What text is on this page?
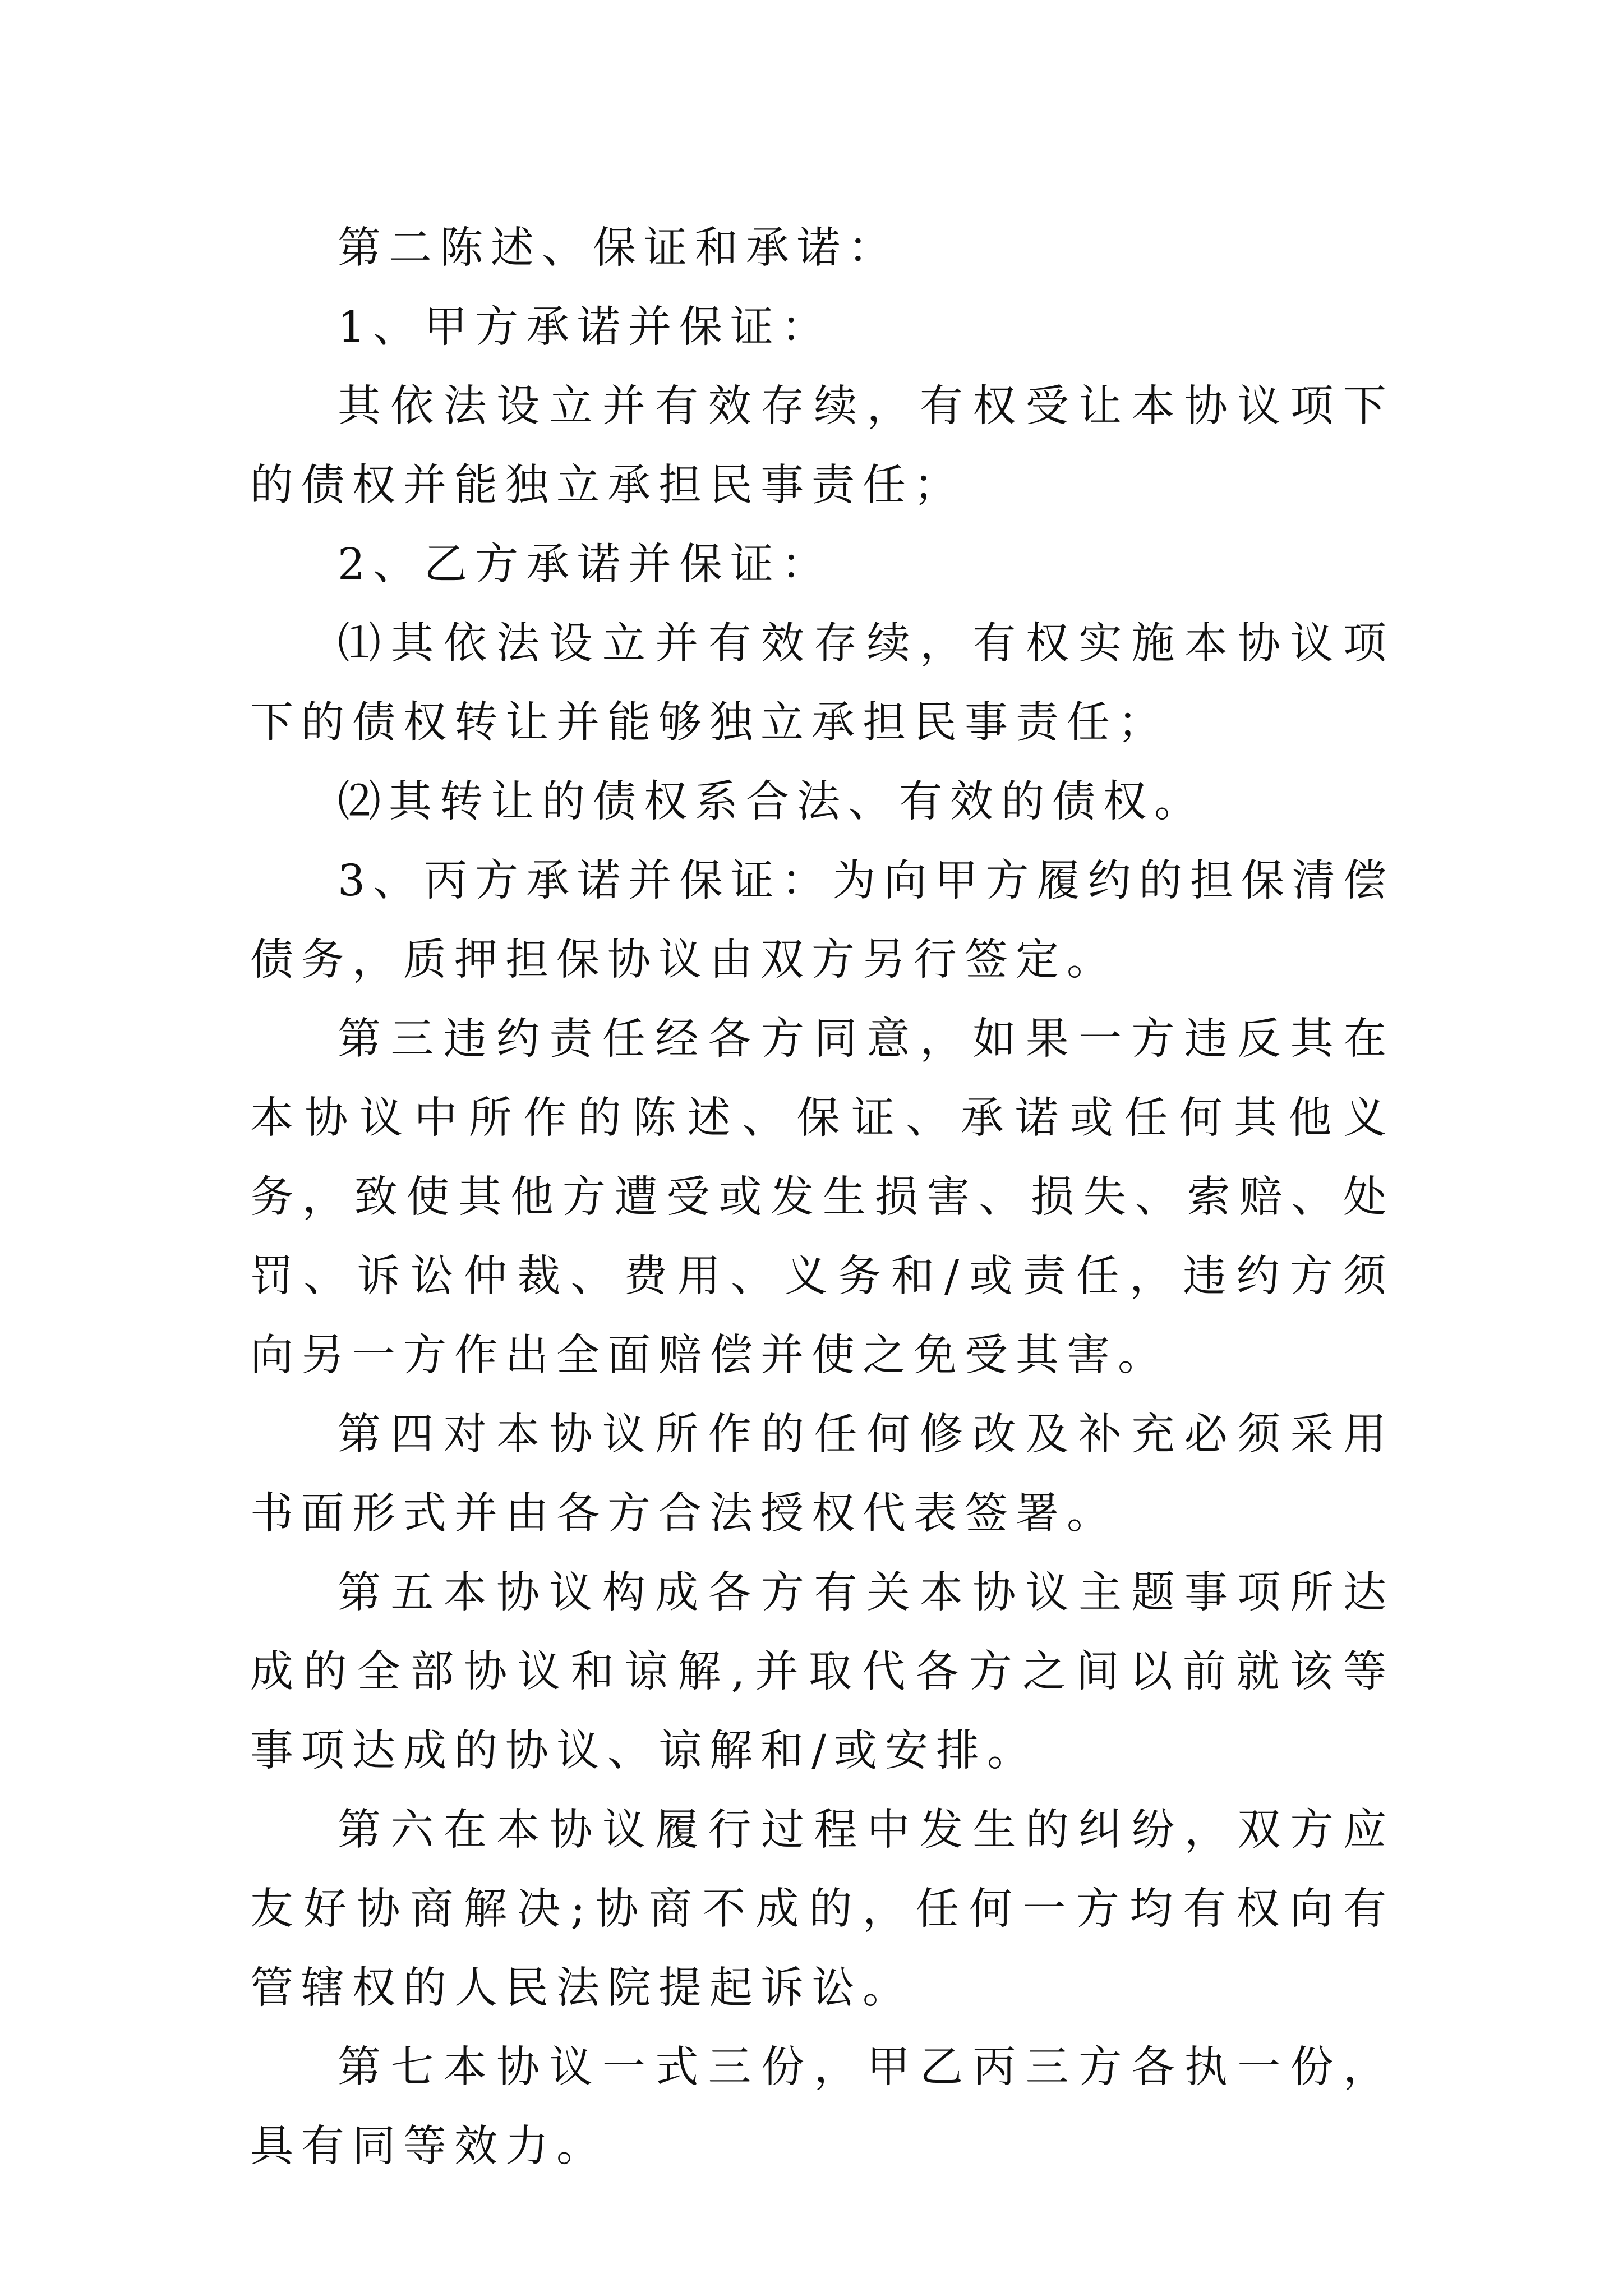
第二陈述、保证和承诺：

1、甲方承诺并保证：

其依法设立并有效存续，有权受让本协议项下的债权并能独立承担民事责任；

2、乙方承诺并保证：

⑴其依法设立并有效存续，有权实施本协议项下的债权转让并能够独立承担民事责任；

⑵其转让的债权系合法、有效的债权。

3、丙方承诺并保证：为向甲方履约的担保清偿债务，质押担保协议由双方另行签定。

第三违约责任经各方同意，如果一方违反其在本协议中所作的陈述、保证、承诺或任何其他义务，致使其他方遭受或发生损害、损失、索赔、处罚、诉讼仲裁、费用、义务和/或责任，违约方须向另一方作出全面赔偿并使之免受其害。

第四对本协议所作的任何修改及补充必须采用书面形式并由各方合法授权代表签署。

第五本协议构成各方有关本协议主题事项所达成的全部协议和谅解,并取代各方之间以前就该等事项达成的协议、谅解和/或安排。

第六在本协议履行过程中发生的纠纷，双方应友好协商解决;协商不成的，任何一方均有权向有管辖权的人民法院提起诉讼。

第七本协议一式三份，甲乙丙三方各执一份，具有同等效力。
